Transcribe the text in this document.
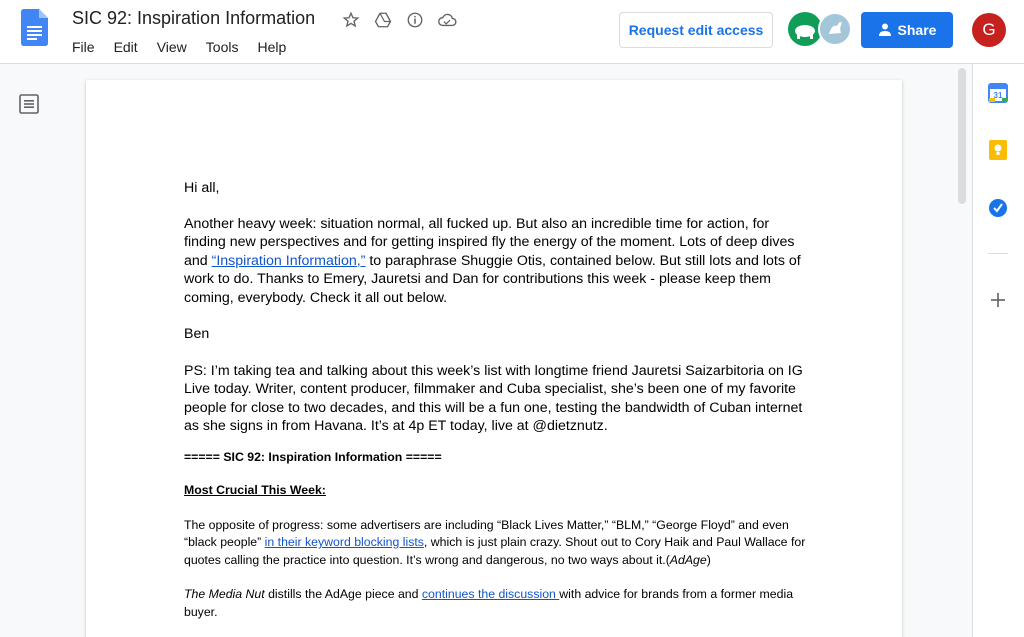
SIC 92: Inspiration Information
File	Edit	View	Tools	Help
Request edit access	Share	G

Hi all,

Another heavy week: situation normal, all fucked up. But also an incredible time for action, for finding new perspectives and for getting inspired fly the energy of the moment. Lots of deep dives and “Inspiration Information,” to paraphrase Shuggie Otis, contained below. But still lots and lots of work to do. Thanks to Emery, Jauretsi and Dan for contributions this week - please keep them coming, everybody. Check it all out below.

Ben

PS: I’m taking tea and talking about this week’s list with longtime friend Jauretsi Saizarbitoria on IG Live today. Writer, content producer, filmmaker and Cuba specialist, she’s been one of my favorite people for close to two decades, and this will be a fun one, testing the bandwidth of Cuban internet as she signs in from Havana. It’s at 4p ET today, live at @dietznutz.

===== SIC 92: Inspiration Information =====

Most Crucial This Week:

The opposite of progress: some advertisers are including “Black Lives Matter,” “BLM,” “George Floyd” and even “black people” in their keyword blocking lists, which is just plain crazy. Shout out to Cory Haik and Paul Wallace for quotes calling the practice into question. It’s wrong and dangerous, no two ways about it.(AdAge)

The Media Nut distills the AdAge piece and continues the discussion with advice for brands from a former media buyer.

31
